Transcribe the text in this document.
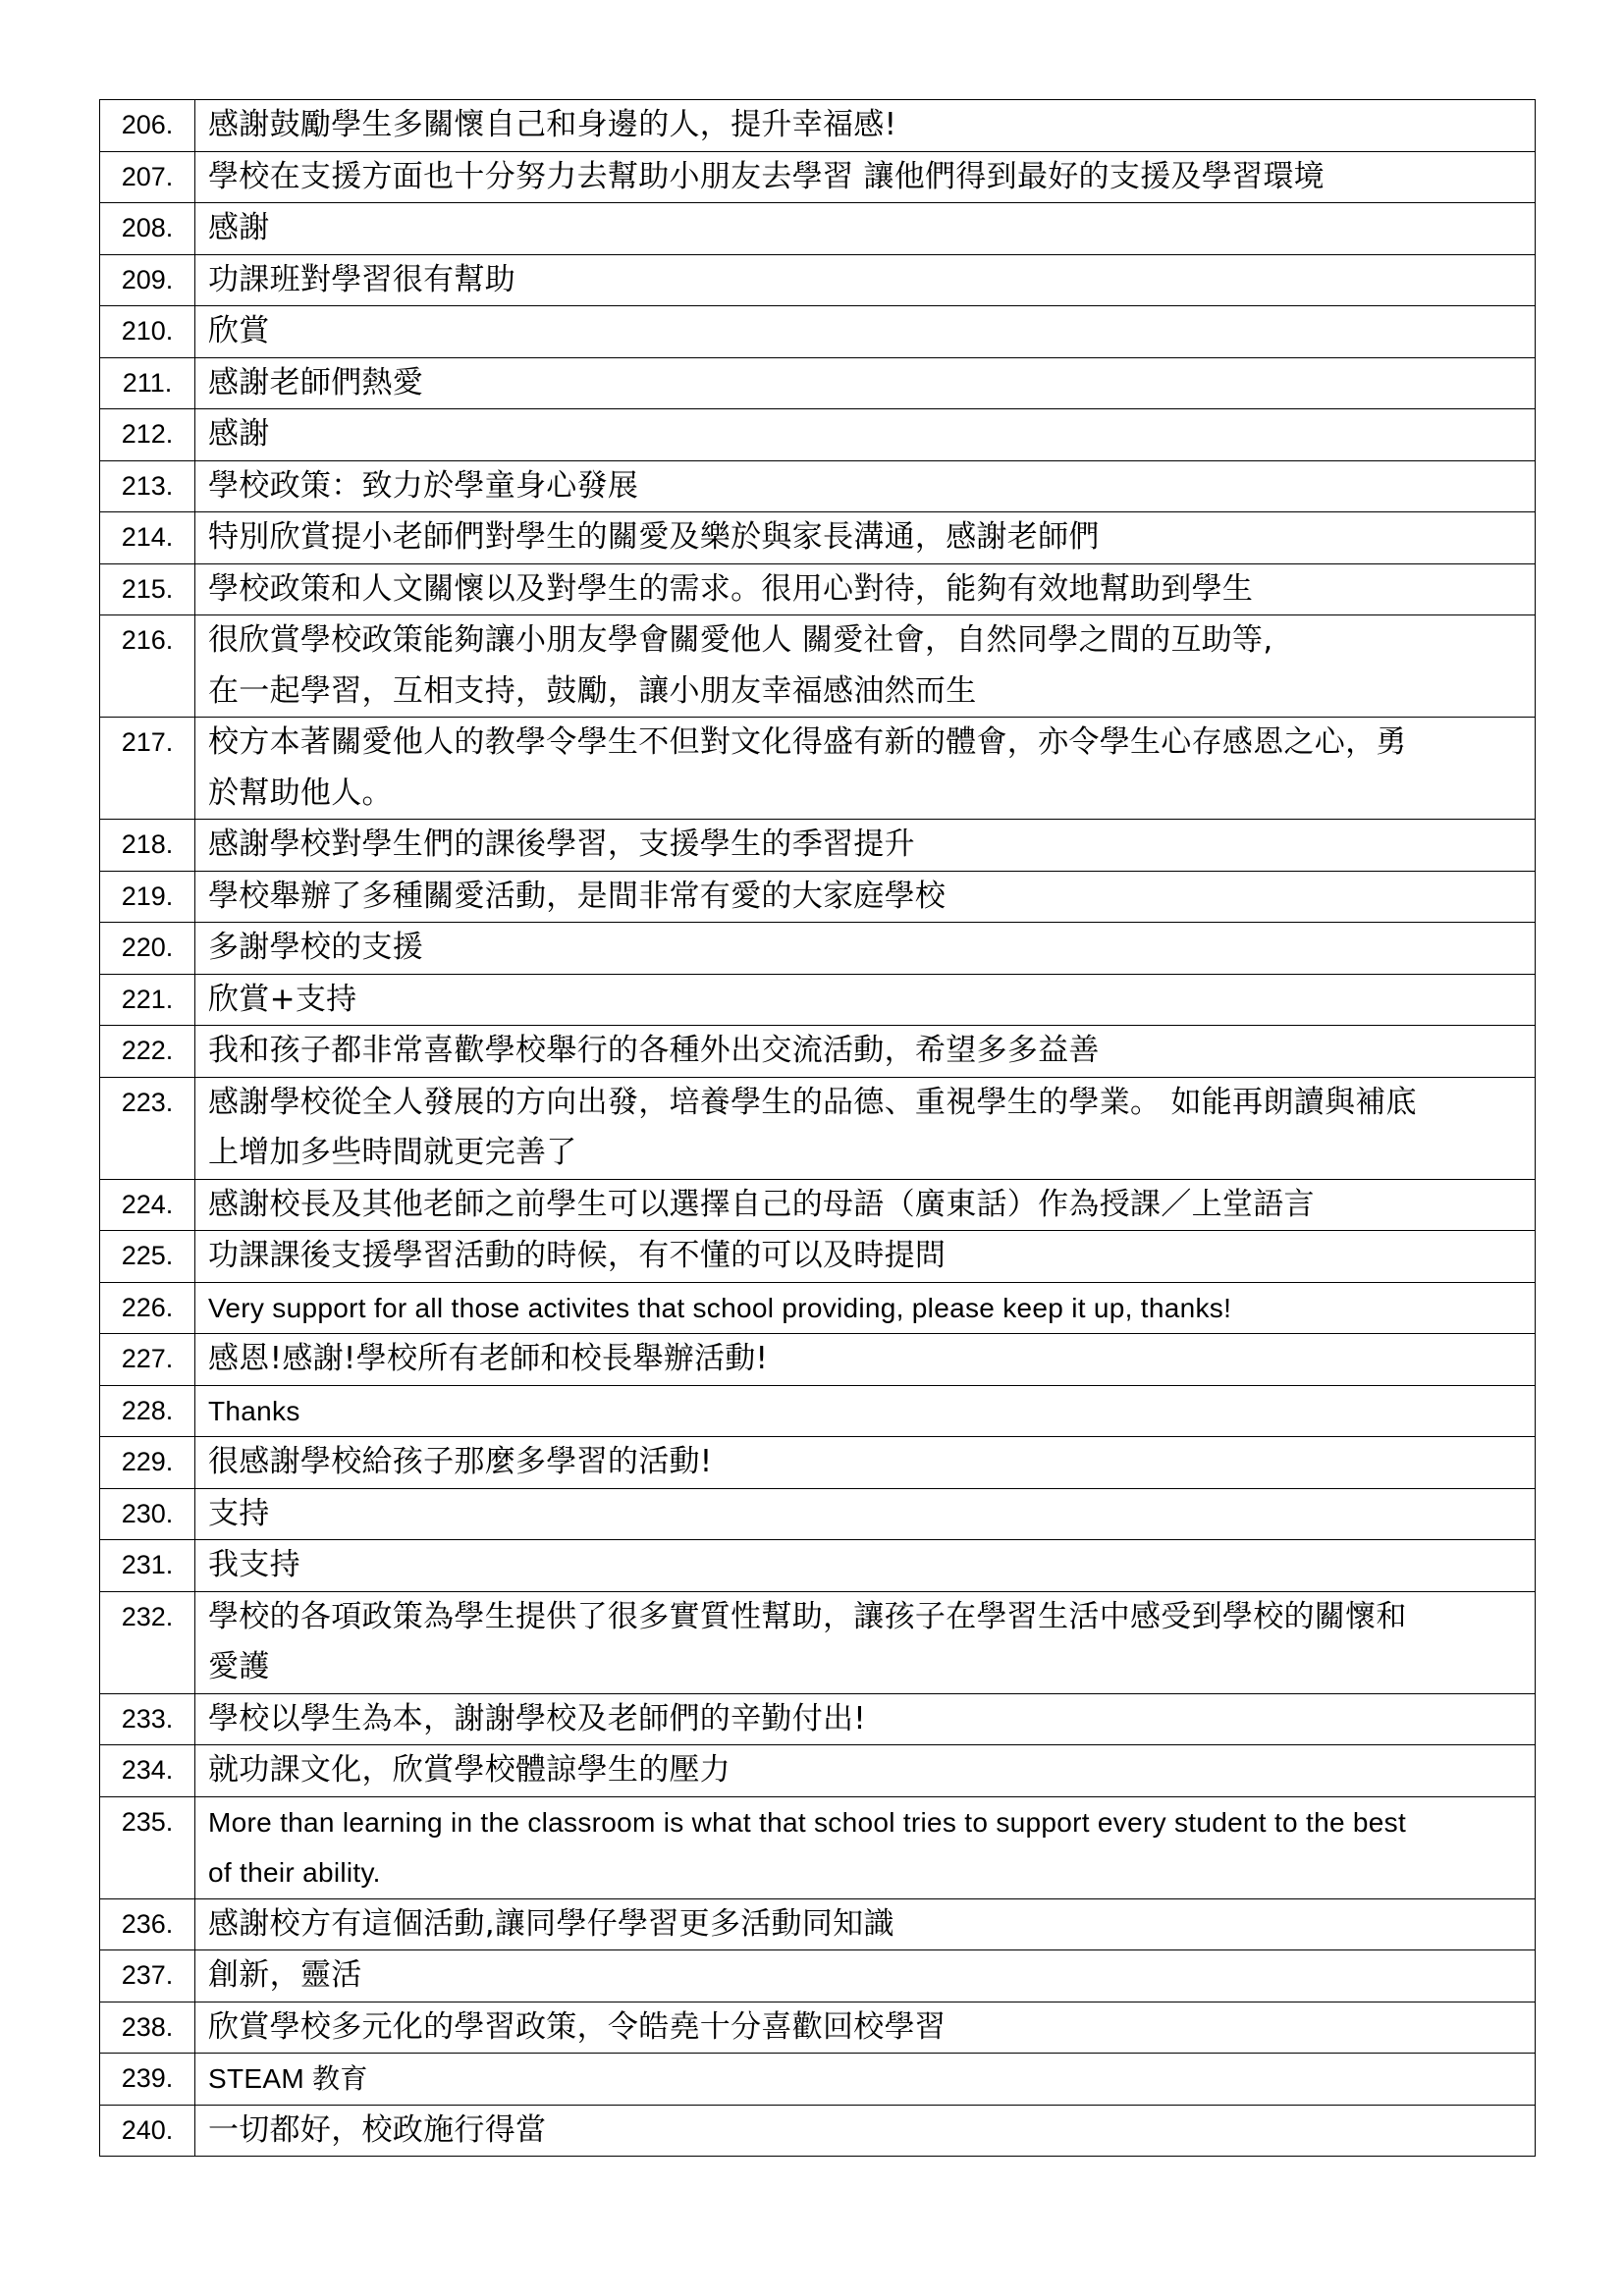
206.	感謝鼓勵學生多關懷自己和身邊的人，提升幸福感!

207.	學校在支援方面也十分努力去幫助小朋友去學習 讓他們得到最好的支援及學習環境

208.	感謝

209.	功課班對學習很有幫助

210.	欣賞

211.	感謝老師們熱愛

212.	感謝

213.	學校政策：致力於學童身心發展

214.	特別欣賞提小老師們對學生的關愛及樂於與家長溝通，感謝老師們

215.	學校政策和人文關懷以及對學生的需求。很用心對待，能夠有效地幫助到學生

216.	很欣賞學校政策能夠讓小朋友學會關愛他人 關愛社會，自然同學之間的互助等,
在一起學習，互相支持，鼓勵，讓小朋友幸福感油然而生

217.	校方本著關愛他人的教學令學生不但對文化得盛有新的體會，亦令學生心存感恩之心，勇
於幫助他人。

218.	感謝學校對學生們的課後學習，支援學生的季習提升

219.	學校舉辦了多種關愛活動，是間非常有愛的大家庭學校

220.	多謝學校的支援

221.	欣賞+支持

222.	我和孩子都非常喜歡學校舉行的各種外出交流活動，希望多多益善

223.	感謝學校從全人發展的方向出發，培養學生的品德、重視學生的學業。 如能再朗讀與補底
上增加多些時間就更完善了

224.	感謝校長及其他老師之前學生可以選擇自己的母語（廣東話）作為授課／上堂語言

225.	功課課後支援學習活動的時候，有不懂的可以及時提問

226.	Very support for all those activites that school providing, please keep it up, thanks!

227.	感恩!感謝!學校所有老師和校長舉辦活動!

228.	Thanks

229.	很感謝學校給孩子那麼多學習的活動!

230.	支持

231.	我支持

232.	學校的各項政策為學生提供了很多實質性幫助，讓孩子在學習生活中感受到學校的關懷和
愛護

233.	學校以學生為本，謝謝學校及老師們的辛勤付出!

234.	就功課文化，欣賞學校體諒學生的壓力

235.	More than learning in the classroom is what that school tries to support every student to the best
of their ability.

236.	感謝校方有這個活動,讓同學仔學習更多活動同知識

237.	創新，靈活

238.	欣賞學校多元化的學習政策，令皓堯十分喜歡回校學習

239.	STEAM 教育

240.	一切都好，校政施行得當
